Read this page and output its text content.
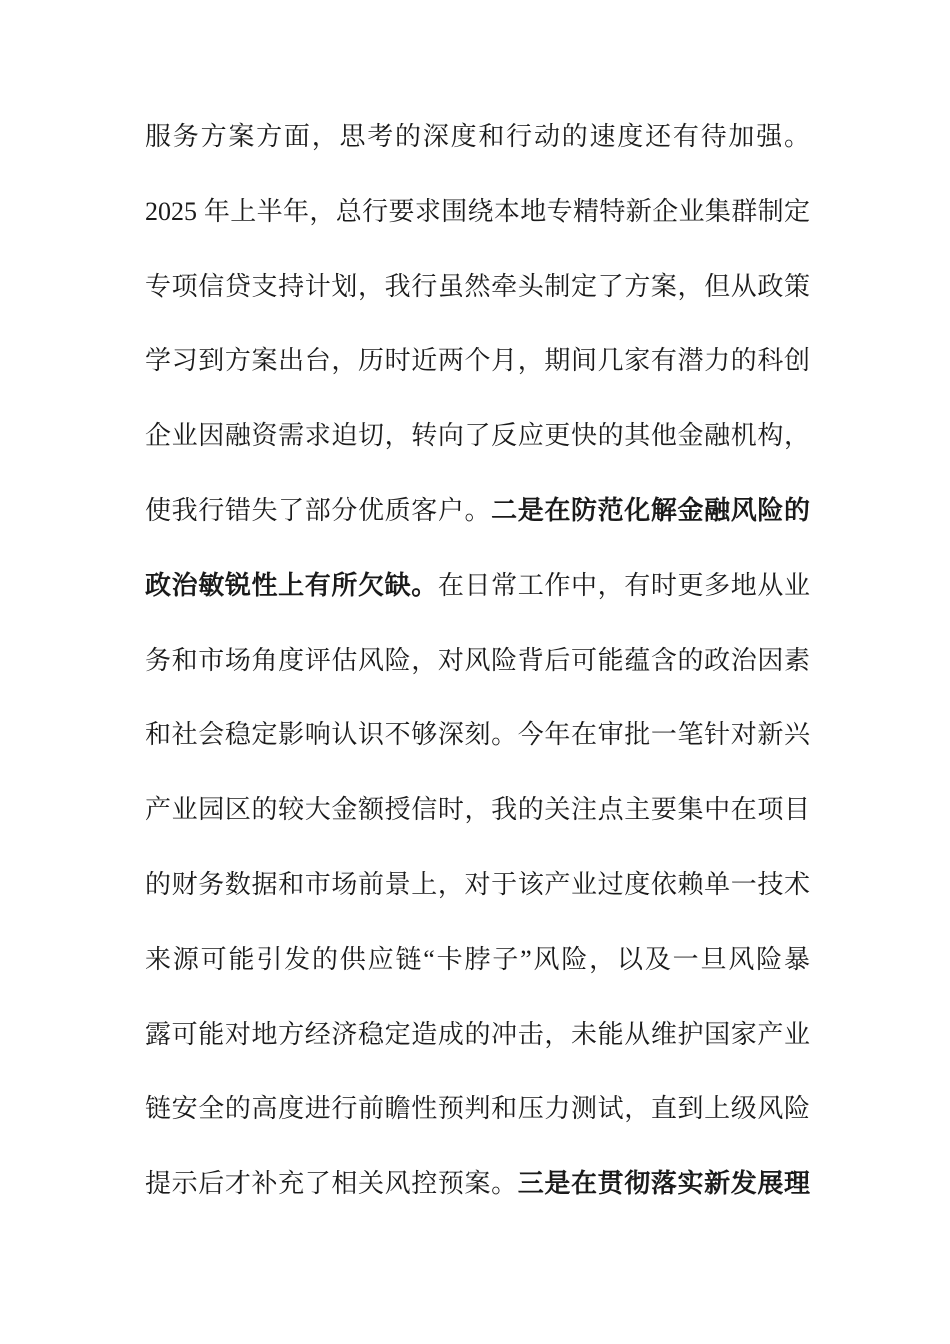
服务方案方面，思考的深度和行动的速度还有待加强。
2025 年上半年，总行要求围绕本地专精特新企业集群制定
专项信贷支持计划，我行虽然牵头制定了方案，但从政策
学习到方案出台，历时近两个月，期间几家有潜力的科创
企业因融资需求迫切，转向了反应更快的其他金融机构，
使我行错失了部分优质客户。二是在防范化解金融风险的
政治敏锐性上有所欠缺。在日常工作中，有时更多地从业
务和市场角度评估风险，对风险背后可能蕴含的政治因素
和社会稳定影响认识不够深刻。今年在审批一笔针对新兴
产业园区的较大金额授信时，我的关注点主要集中在项目
的财务数据和市场前景上，对于该产业过度依赖单一技术
来源可能引发的供应链“卡脖子”风险，以及一旦风险暴
露可能对地方经济稳定造成的冲击，未能从维护国家产业
链安全的高度进行前瞻性预判和压力测试，直到上级风险
提示后才补充了相关风控预案。三是在贯彻落实新发展理
